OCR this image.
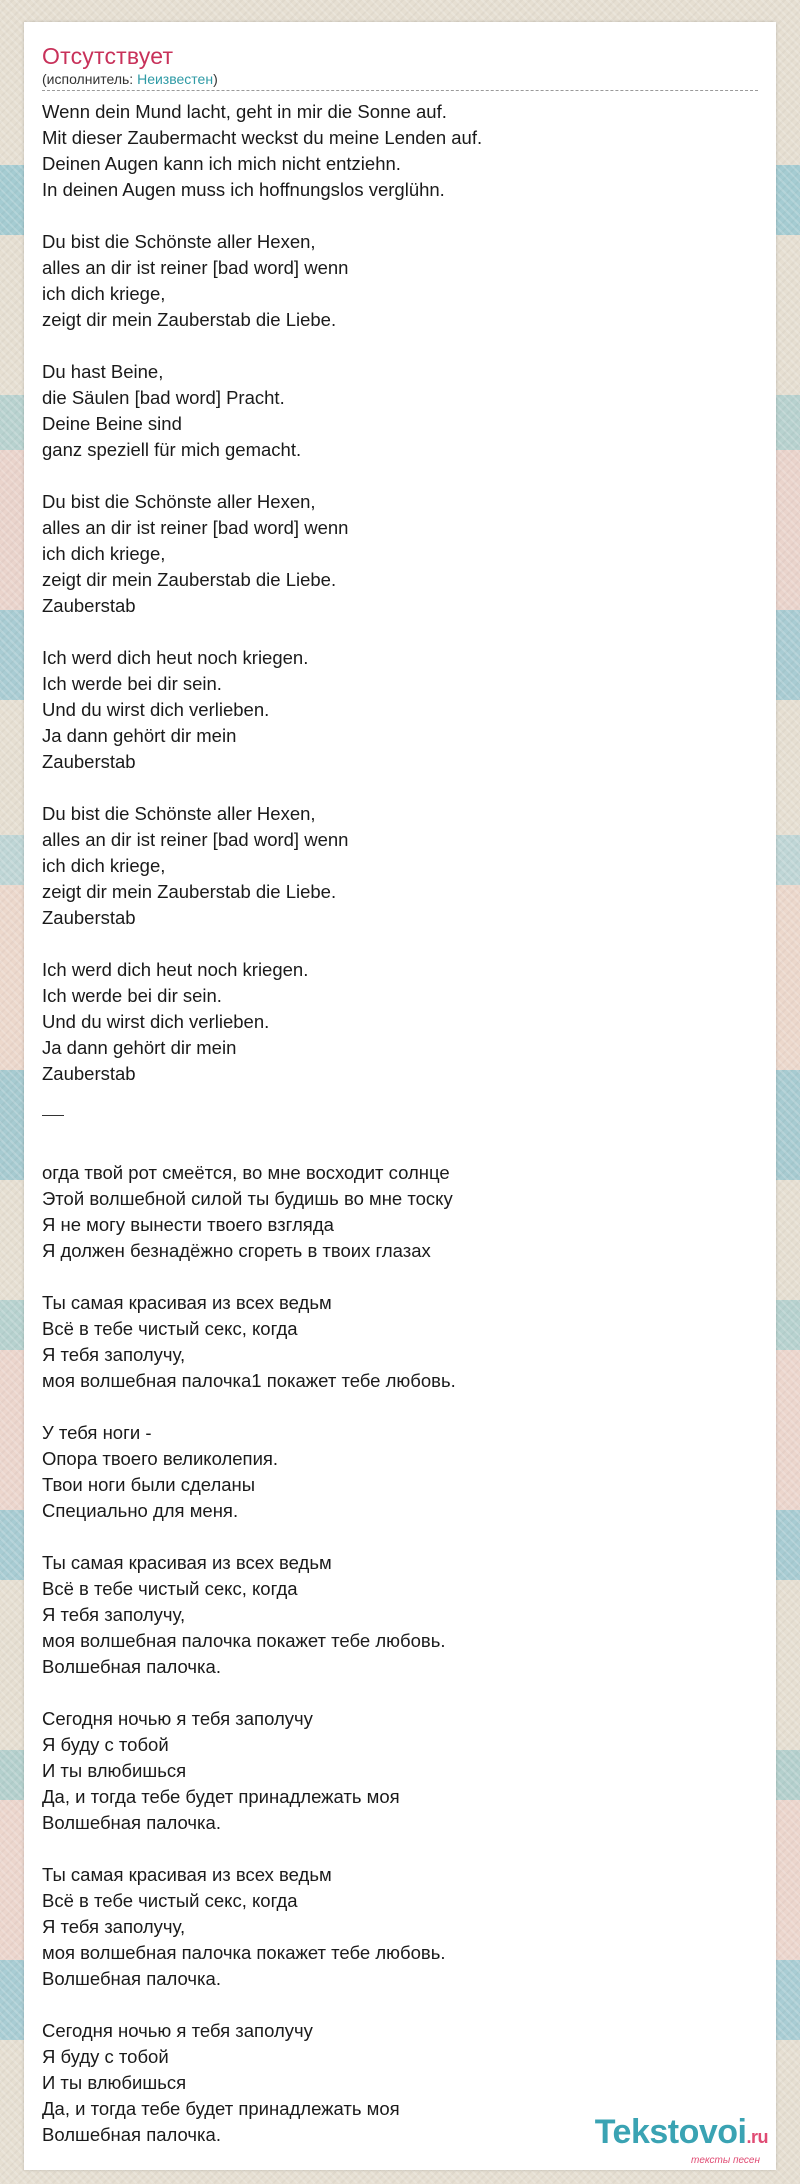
Отсутствует
(исполнитель: Неизвестен)
Wenn dein Mund lacht, geht in mir die Sonne auf.
Mit dieser Zaubermacht weckst du meine Lenden auf.
Deinen Augen kann ich mich nicht entziehn.
In deinen Augen muss ich hoffnungslos verglühn.
Du bist die Schönste aller Hexen,
alles an dir ist reiner [bad word] wenn
ich dich kriege,
zeigt dir mein Zauberstab die Liebe.
Du hast Beine,
die Säulen [bad word] Pracht.
Deine Beine sind
ganz speziell für mich gemacht.
Du bist die Schönste aller Hexen,
alles an dir ist reiner [bad word] wenn
ich dich kriege,
zeigt dir mein Zauberstab die Liebe.
Zauberstab
Ich werd dich heut noch kriegen.
Ich werde bei dir sein.
Und du wirst dich verlieben.
Ja dann gehört dir mein
Zauberstab
Du bist die Schönste aller Hexen,
alles an dir ist reiner [bad word] wenn
ich dich kriege,
zeigt dir mein Zauberstab die Liebe.
Zauberstab
Ich werd dich heut noch kriegen.
Ich werde bei dir sein.
Und du wirst dich verlieben.
Ja dann gehört dir mein
Zauberstab
огда твой рот смеётся, во мне восходит солнце
Этой волшебной силой ты будишь во мне тоску
Я не могу вынести твоего взгляда
Я должен безнадёжно сгореть в твоих глазах
Ты самая красивая из всех ведьм
Всё в тебе чистый секс, когда
Я тебя заполучу,
моя волшебная палочка1 покажет тебе любовь.
У тебя ноги -
Опора твоего великолепия.
Твои ноги были сделаны
Специально для меня.
Ты самая красивая из всех ведьм
Всё в тебе чистый секс, когда
Я тебя заполучу,
моя волшебная палочка покажет тебе любовь.
Волшебная палочка.
Сегодня ночью я тебя заполучу
Я буду с тобой
И ты влюбишься
Да, и тогда тебе будет принадлежать моя
Волшебная палочка.
Ты самая красивая из всех ведьм
Всё в тебе чистый секс, когда
Я тебя заполучу,
моя волшебная палочка покажет тебе любовь.
Волшебная палочка.
Сегодня ночью я тебя заполучу
Я буду с тобой
И ты влюбишься
Да, и тогда тебе будет принадлежать моя
Волшебная палочка.	Tekstovoi.ru
тексты песен
